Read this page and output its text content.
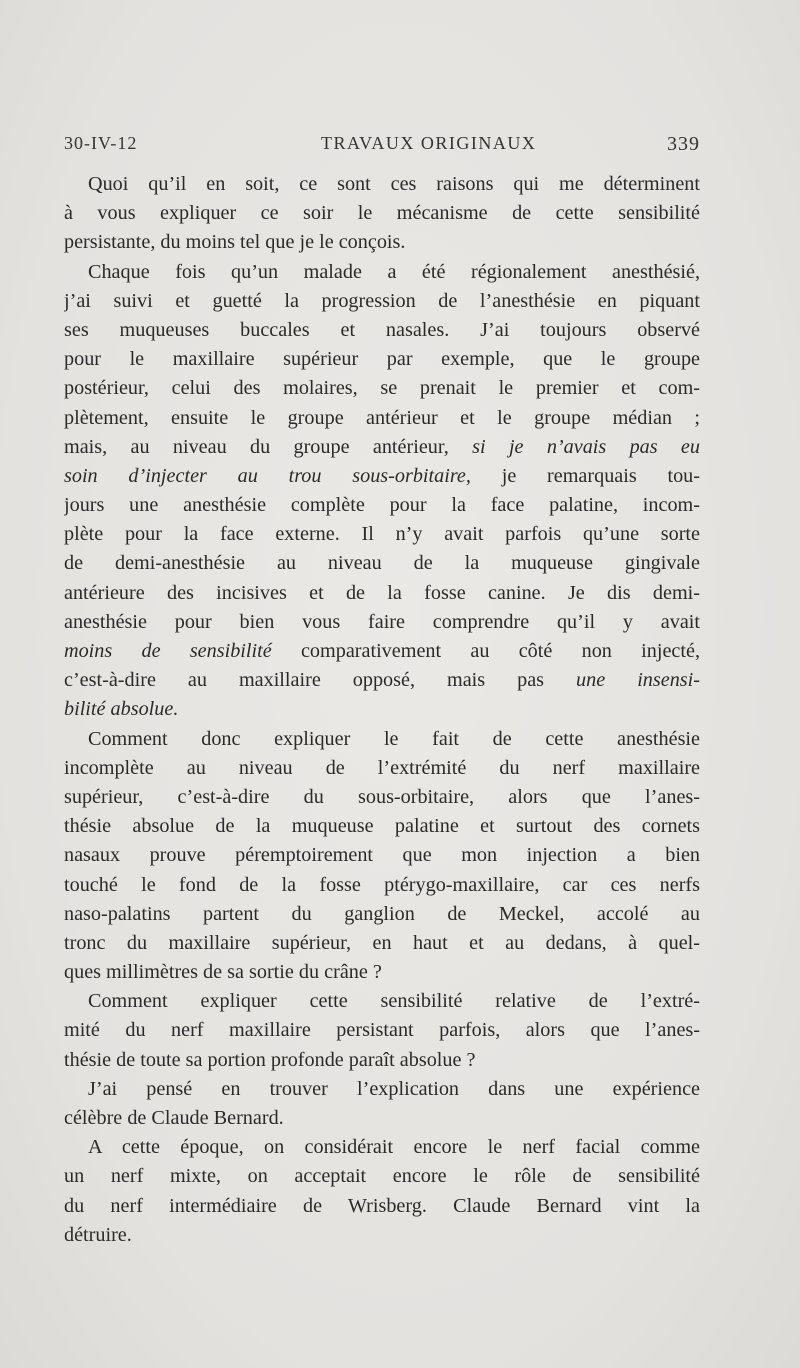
30-IV-12	TRAVAUX ORIGINAUX	339
Quoi qu’il en soit, ce sont ces raisons qui me déterminent
à vous expliquer ce soir le mécanisme de cette sensibilité
persistante, du moins tel que je le conçois.
Chaque fois qu’un malade a été régionalement anesthésié,
j’ai suivi et guetté la progression de l’anesthésie en piquant
ses muqueuses buccales et nasales. J’ai toujours observé
pour le maxillaire supérieur par exemple, que le groupe
postérieur, celui des molaires, se prenait le premier et com-
plètement, ensuite le groupe antérieur et le groupe médian ;
mais, au niveau du groupe antérieur, si je n’avais pas eu
soin d’injecter au trou sous-orbitaire, je remarquais tou-
jours une anesthésie complète pour la face palatine, incom-
plète pour la face externe. Il n’y avait parfois qu’une sorte
de demi-anesthésie au niveau de la muqueuse gingivale
antérieure des incisives et de la fosse canine. Je dis demi-
anesthésie pour bien vous faire comprendre qu’il y avait
moins de sensibilité comparativement au côté non injecté,
c’est-à-dire au maxillaire opposé, mais pas une insensi-
bilité absolue.
Comment donc expliquer le fait de cette anesthésie
incomplète au niveau de l’extrémité du nerf maxillaire
supérieur, c’est-à-dire du sous-orbitaire, alors que l’anes-
thésie absolue de la muqueuse palatine et surtout des cornets
nasaux prouve péremptoirement que mon injection a bien
touché le fond de la fosse ptérygo-maxillaire, car ces nerfs
naso-palatins partent du ganglion de Meckel, accolé au
tronc du maxillaire supérieur, en haut et au dedans, à quel-
ques millimètres de sa sortie du crâne ?
Comment expliquer cette sensibilité relative de l’extré-
mité du nerf maxillaire persistant parfois, alors que l’anes-
thésie de toute sa portion profonde paraît absolue ?
J’ai pensé en trouver l’explication dans une expérience
célèbre de Claude Bernard.
A cette époque, on considérait encore le nerf facial comme
un nerf mixte, on acceptait encore le rôle de sensibilité
du nerf intermédiaire de Wrisberg. Claude Bernard vint la
détruire.
